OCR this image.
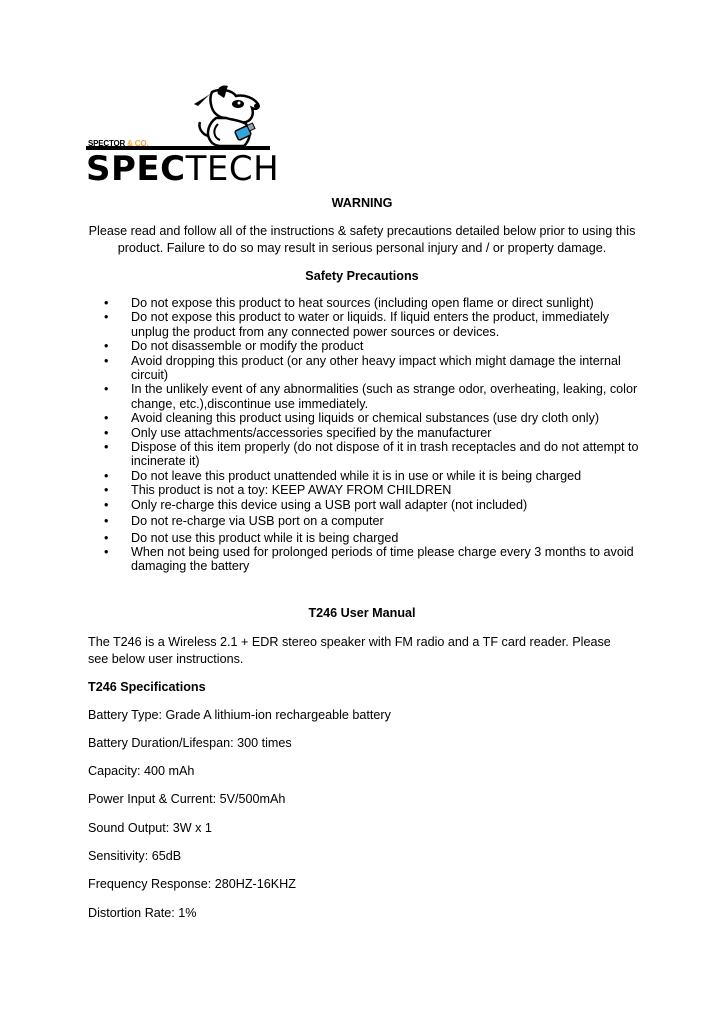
SPECTOR & CO.
SPECTECH
WARNING
Please read and follow all of the instructions & safety precautions detailed below prior to using this product. Failure to do so may result in serious personal injury and / or property damage.
Safety Precautions
• Do not expose this product to heat sources (including open flame or direct sunlight)
• Do not expose this product to water or liquids. If liquid enters the product, immediately unplug the product from any connected power sources or devices.
• Do not disassemble or modify the product
• Avoid dropping this product (or any other heavy impact which might damage the internal circuit)
• In the unlikely event of any abnormalities (such as strange odor, overheating, leaking, color change, etc.),discontinue use immediately.
• Avoid cleaning this product using liquids or chemical substances (use dry cloth only)
• Only use attachments/accessories specified by the manufacturer
• Dispose of this item properly (do not dispose of it in trash receptacles and do not attempt to incinerate it)
• Do not leave this product unattended while it is in use or while it is being charged
• This product is not a toy: KEEP AWAY FROM CHILDREN
• Only re-charge this device using a USB port wall adapter (not included)
• Do not re-charge via USB port on a computer
• Do not use this product while it is being charged
• When not being used for prolonged periods of time please charge every 3 months to avoid damaging the battery
T246 User Manual
The T246 is a Wireless 2.1 + EDR stereo speaker with FM radio and a TF card reader. Please see below user instructions.
T246 Specifications
Battery Type: Grade A lithium-ion rechargeable battery
Battery Duration/Lifespan: 300 times
Capacity: 400 mAh
Power Input & Current: 5V/500mAh
Sound Output: 3W x 1
Sensitivity: 65dB
Frequency Response: 280HZ-16KHZ
Distortion Rate: 1%
